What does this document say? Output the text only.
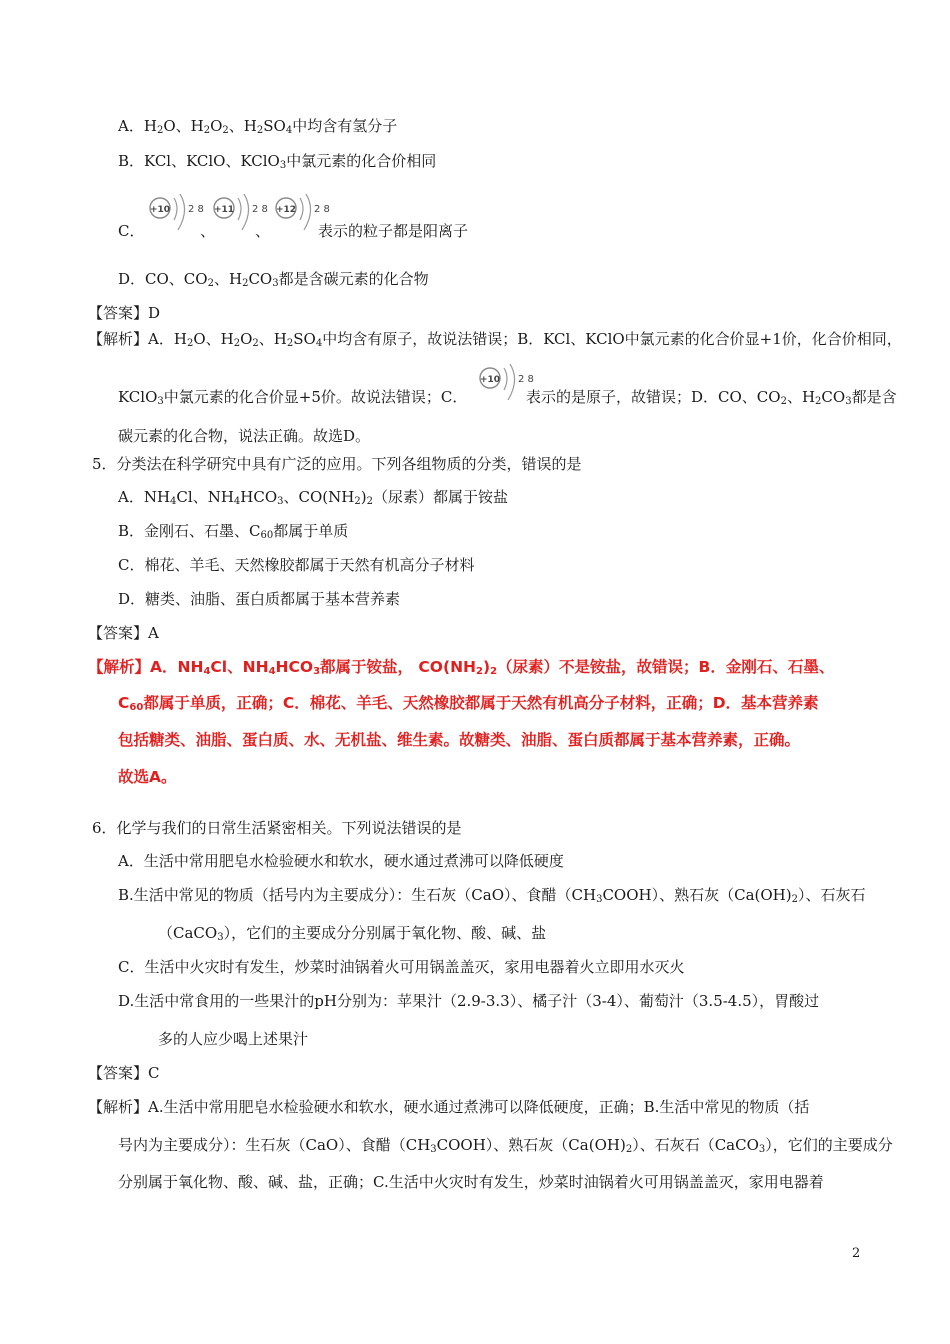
A．$H_2O$、$H_2O_2$、$H_2SO_4$中均含有氢分子
B．KCl、KClO、KClO$_3$中氯元素的化合价相同
C．	、	、	表示的粒子都是阳离子
+10 2 8 +11 2 8 +12 2 8
D．CO、$CO_2$、$H_2CO_3$都是含碳元素的化合物
【答案】D
【解析】A．$H_2O$、$H_2O_2$、$H_2SO_4$中均含有原子，故说法错误；B．KCl、KClO中氯元素的化合价显+1价，化合价相同，
KClO$_3$中氯元素的化合价显+5价。故说法错误；C．
+10 2 8
表示的是原子，故错误；D．CO、$CO_2$、$H_2CO_3$都是含
碳元素的化合物，说法正确。故选D。
5．分类法在科学研究中具有广泛的应用。下列各组物质的分类，错误的是
A．$NH_4Cl$、$NH_4HCO_3$、$CO(NH_2)_2$（尿素）都属于铵盐
B．金刚石、石墨、$C_{60}$都属于单质
C．棉花、羊毛、天然橡胶都属于天然有机高分子材料
D．糖类、油脂、蛋白质都属于基本营养素
【答案】A
【解析】A．$NH_4Cl$、$NH_4HCO_3$都属于铵盐， $CO(NH_2)_2$（尿素）不是铵盐，故错误；B．金刚石、石墨、
$C_{60}$都属于单质，正确；C．棉花、羊毛、天然橡胶都属于天然有机高分子材料，正确；D．基本营养素
包括糖类、油脂、蛋白质、水、无机盐、维生素。故糖类、油脂、蛋白质都属于基本营养素，正确。
故选A。
6．化学与我们的日常生活紧密相关。下列说法错误的是
A．生活中常用肥皂水检验硬水和软水，硬水通过煮沸可以降低硬度
B.生活中常见的物质（括号内为主要成分）：生石灰（CaO）、食醋$(CH_3COOH)$、熟石灰$(Ca(OH)_2)$、石灰石
（CaCO$_3$），它们的主要成分分别属于氧化物、酸、碱、盐
C．生活中火灾时有发生，炒菜时油锅着火可用锅盖盖灭，家用电器着火立即用水灭火
D.生活中常食用的一些果汁的pH分别为：苹果汁（2.9-3.3）、橘子汁（3-4）、葡萄汁（3.5-4.5），胃酸过
多的人应少喝上述果汁
【答案】C
【解析】A.生活中常用肥皂水检验硬水和软水，硬水通过煮沸可以降低硬度，正确；B.生活中常见的物质（括
号内为主要成分）：生石灰（CaO）、食醋$(CH_3COOH)$、熟石灰$(Ca(OH)_2)$、石灰石（CaCO$_3$），它们的主要成分
分别属于氧化物、酸、碱、盐，正确；C.生活中火灾时有发生，炒菜时油锅着火可用锅盖盖灭，家用电器着
2
